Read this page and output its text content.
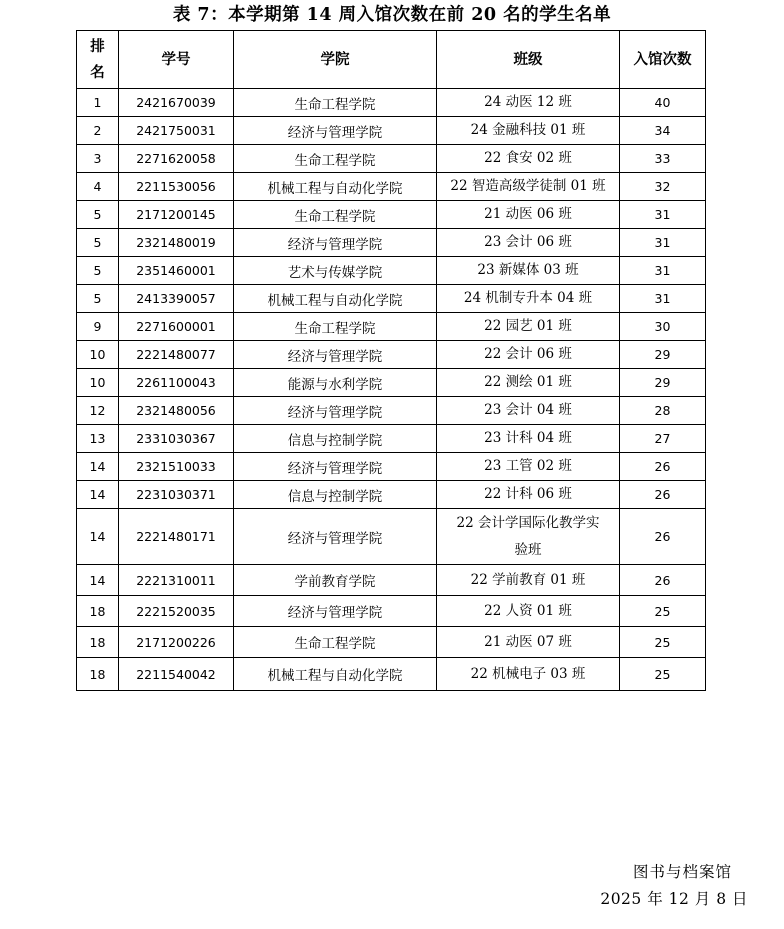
表 7：本学期第 14 周入馆次数在前 20 名的学生名单
排名	学号	学院	班级	入馆次数
1	2421670039	生命工程学院	24 动医 12 班	40
2	2421750031	经济与管理学院	24 金融科技 01 班	34
3	2271620058	生命工程学院	22 食安 02 班	33
4	2211530056	机械工程与自动化学院	22 智造高级学徒制 01 班	32
5	2171200145	生命工程学院	21 动医 06 班	31
5	2321480019	经济与管理学院	23 会计 06 班	31
5	2351460001	艺术与传媒学院	23 新媒体 03 班	31
5	2413390057	机械工程与自动化学院	24 机制专升本 04 班	31
9	2271600001	生命工程学院	22 园艺 01 班	30
10	2221480077	经济与管理学院	22 会计 06 班	29
10	2261100043	能源与水利学院	22 测绘 01 班	29
12	2321480056	经济与管理学院	23 会计 04 班	28
13	2331030367	信息与控制学院	23 计科 04 班	27
14	2321510033	经济与管理学院	23 工管 02 班	26
14	2231030371	信息与控制学院	22 计科 06 班	26
14	2221480171	经济与管理学院	22 会计学国际化教学实验班	26
14	2221310011	学前教育学院	22 学前教育 01 班	26
18	2221520035	经济与管理学院	22 人资 01 班	25
18	2171200226	生命工程学院	21 动医 07 班	25
18	2211540042	机械工程与自动化学院	22 机械电子 03 班	25
图书与档案馆
2025 年 12 月 8 日
